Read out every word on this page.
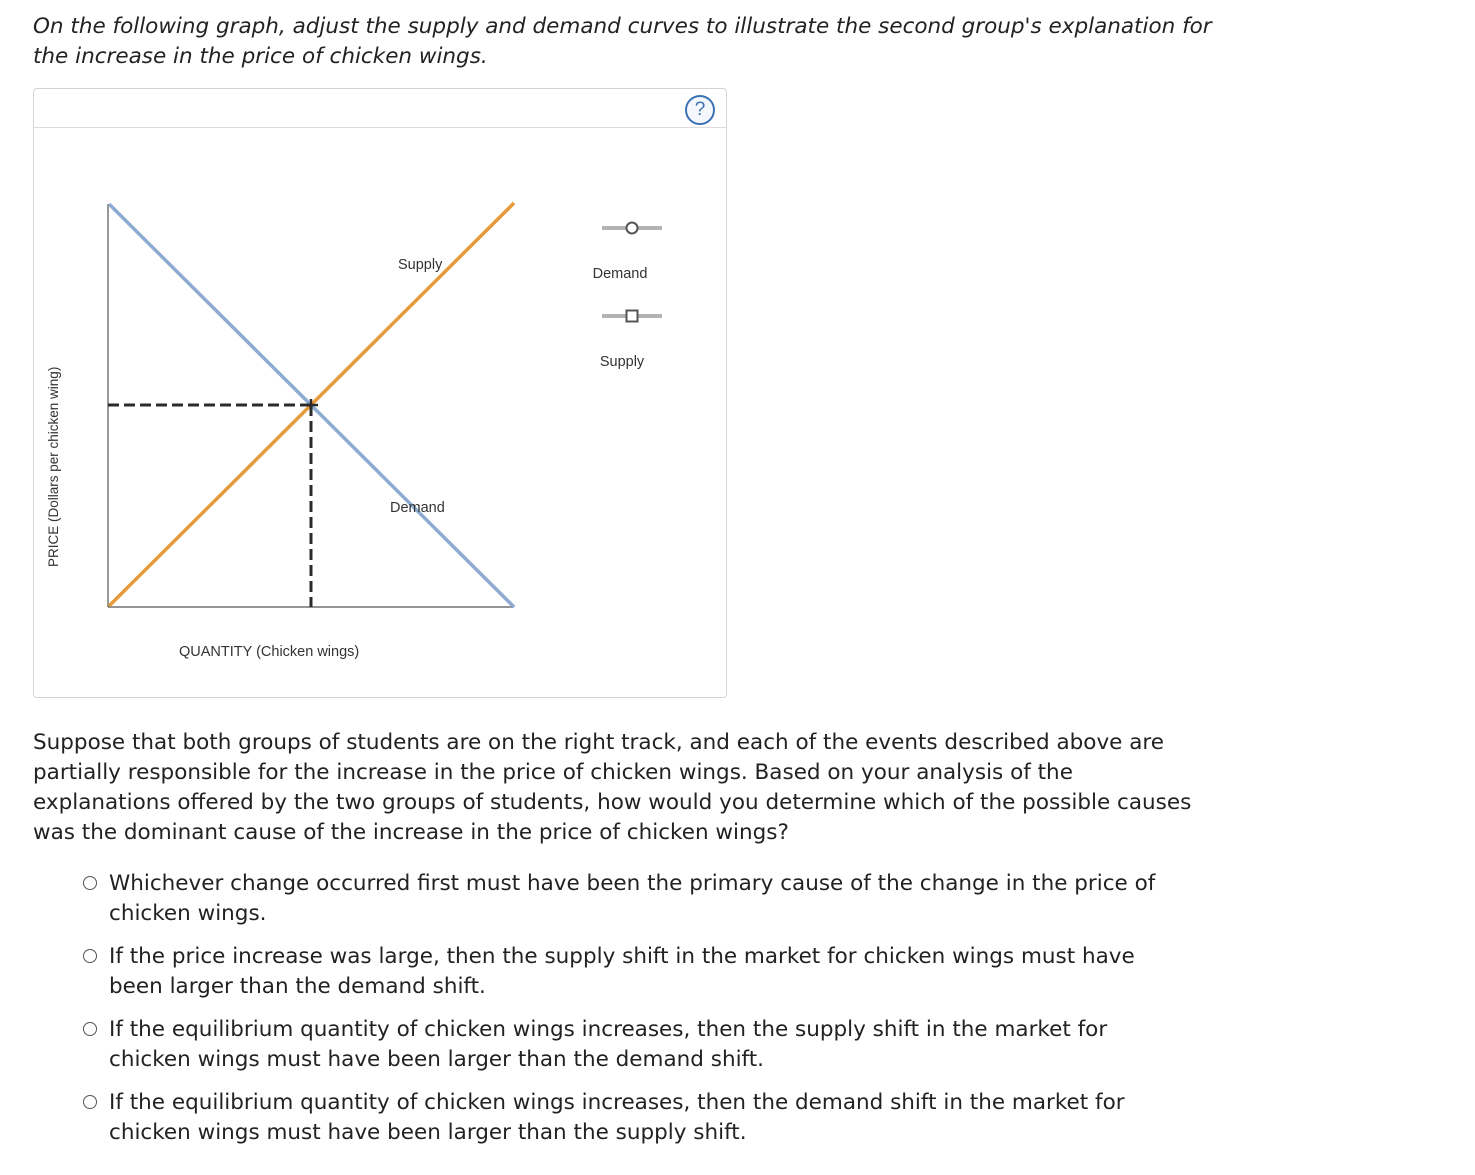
On the following graph, adjust the supply and demand curves to illustrate the second group's explanation for the increase in the price of chicken wings.
?
Supply
Demand
PRICE (Dollars per chicken wing)
QUANTITY (Chicken wings)
Demand
Supply
Suppose that both groups of students are on the right track, and each of the events described above are partially responsible for the increase in the price of chicken wings. Based on your analysis of the explanations offered by the two groups of students, how would you determine which of the possible causes was the dominant cause of the increase in the price of chicken wings?
Whichever change occurred first must have been the primary cause of the change in the price of chicken wings.
If the price increase was large, then the supply shift in the market for chicken wings must have been larger than the demand shift.
If the equilibrium quantity of chicken wings increases, then the supply shift in the market for chicken wings must have been larger than the demand shift.
If the equilibrium quantity of chicken wings increases, then the demand shift in the market for chicken wings must have been larger than the supply shift.
